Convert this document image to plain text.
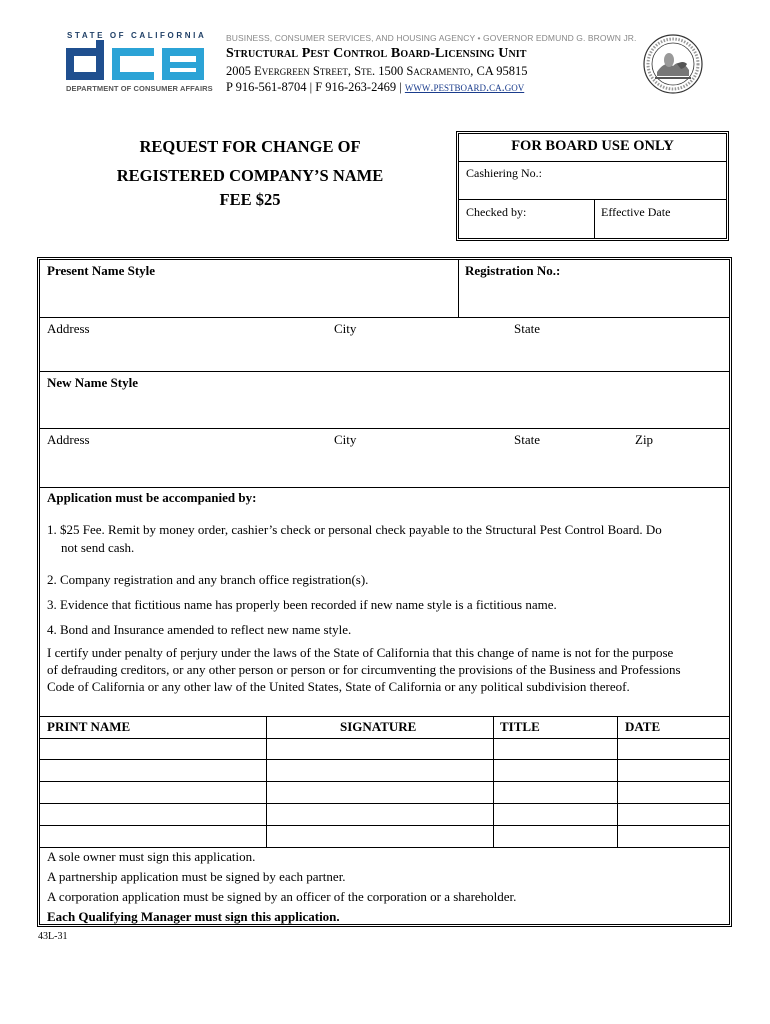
STATE OF CALIFORNIA
DEPARTMENT OF CONSUMER AFFAIRS
BUSINESS, CONSUMER SERVICES, AND HOUSING AGENCY • GOVERNOR EDMUND G. BROWN JR.
Structural Pest Control Board-Licensing Unit
2005 Evergreen Street, Ste. 1500 Sacramento, CA 95815
P 916-561-8704 | F 916-263-2469 | www.pestboard.ca.gov
REQUEST FOR CHANGE OF
REGISTERED COMPANY’S NAME
FEE $25
FOR BOARD USE ONLY
Cashiering No.:
Checked by:	Effective Date
Present Name Style	Registration No.:
Address	City	State
New Name Style
Address	City	State	Zip
Application must be accompanied by:
1. $25 Fee. Remit by money order, cashier’s check or personal check payable to the Structural Pest Control Board. Do
not send cash.
2. Company registration and any branch office registration(s).
3. Evidence that fictitious name has properly been recorded if new name style is a fictitious name.
4. Bond and Insurance amended to reflect new name style.
I certify under penalty of perjury under the laws of the State of California that this change of name is not for the purpose
of defrauding creditors, or any other person or person or for circumventing the provisions of the Business and Professions
Code of California or any other law of the United States, State of California or any political subdivision thereof.
PRINT NAME	SIGNATURE	TITLE	DATE
A sole owner must sign this application.
A partnership application must be signed by each partner.
A corporation application must be signed by an officer of the corporation or a shareholder.
Each Qualifying Manager must sign this application.
43L-31
